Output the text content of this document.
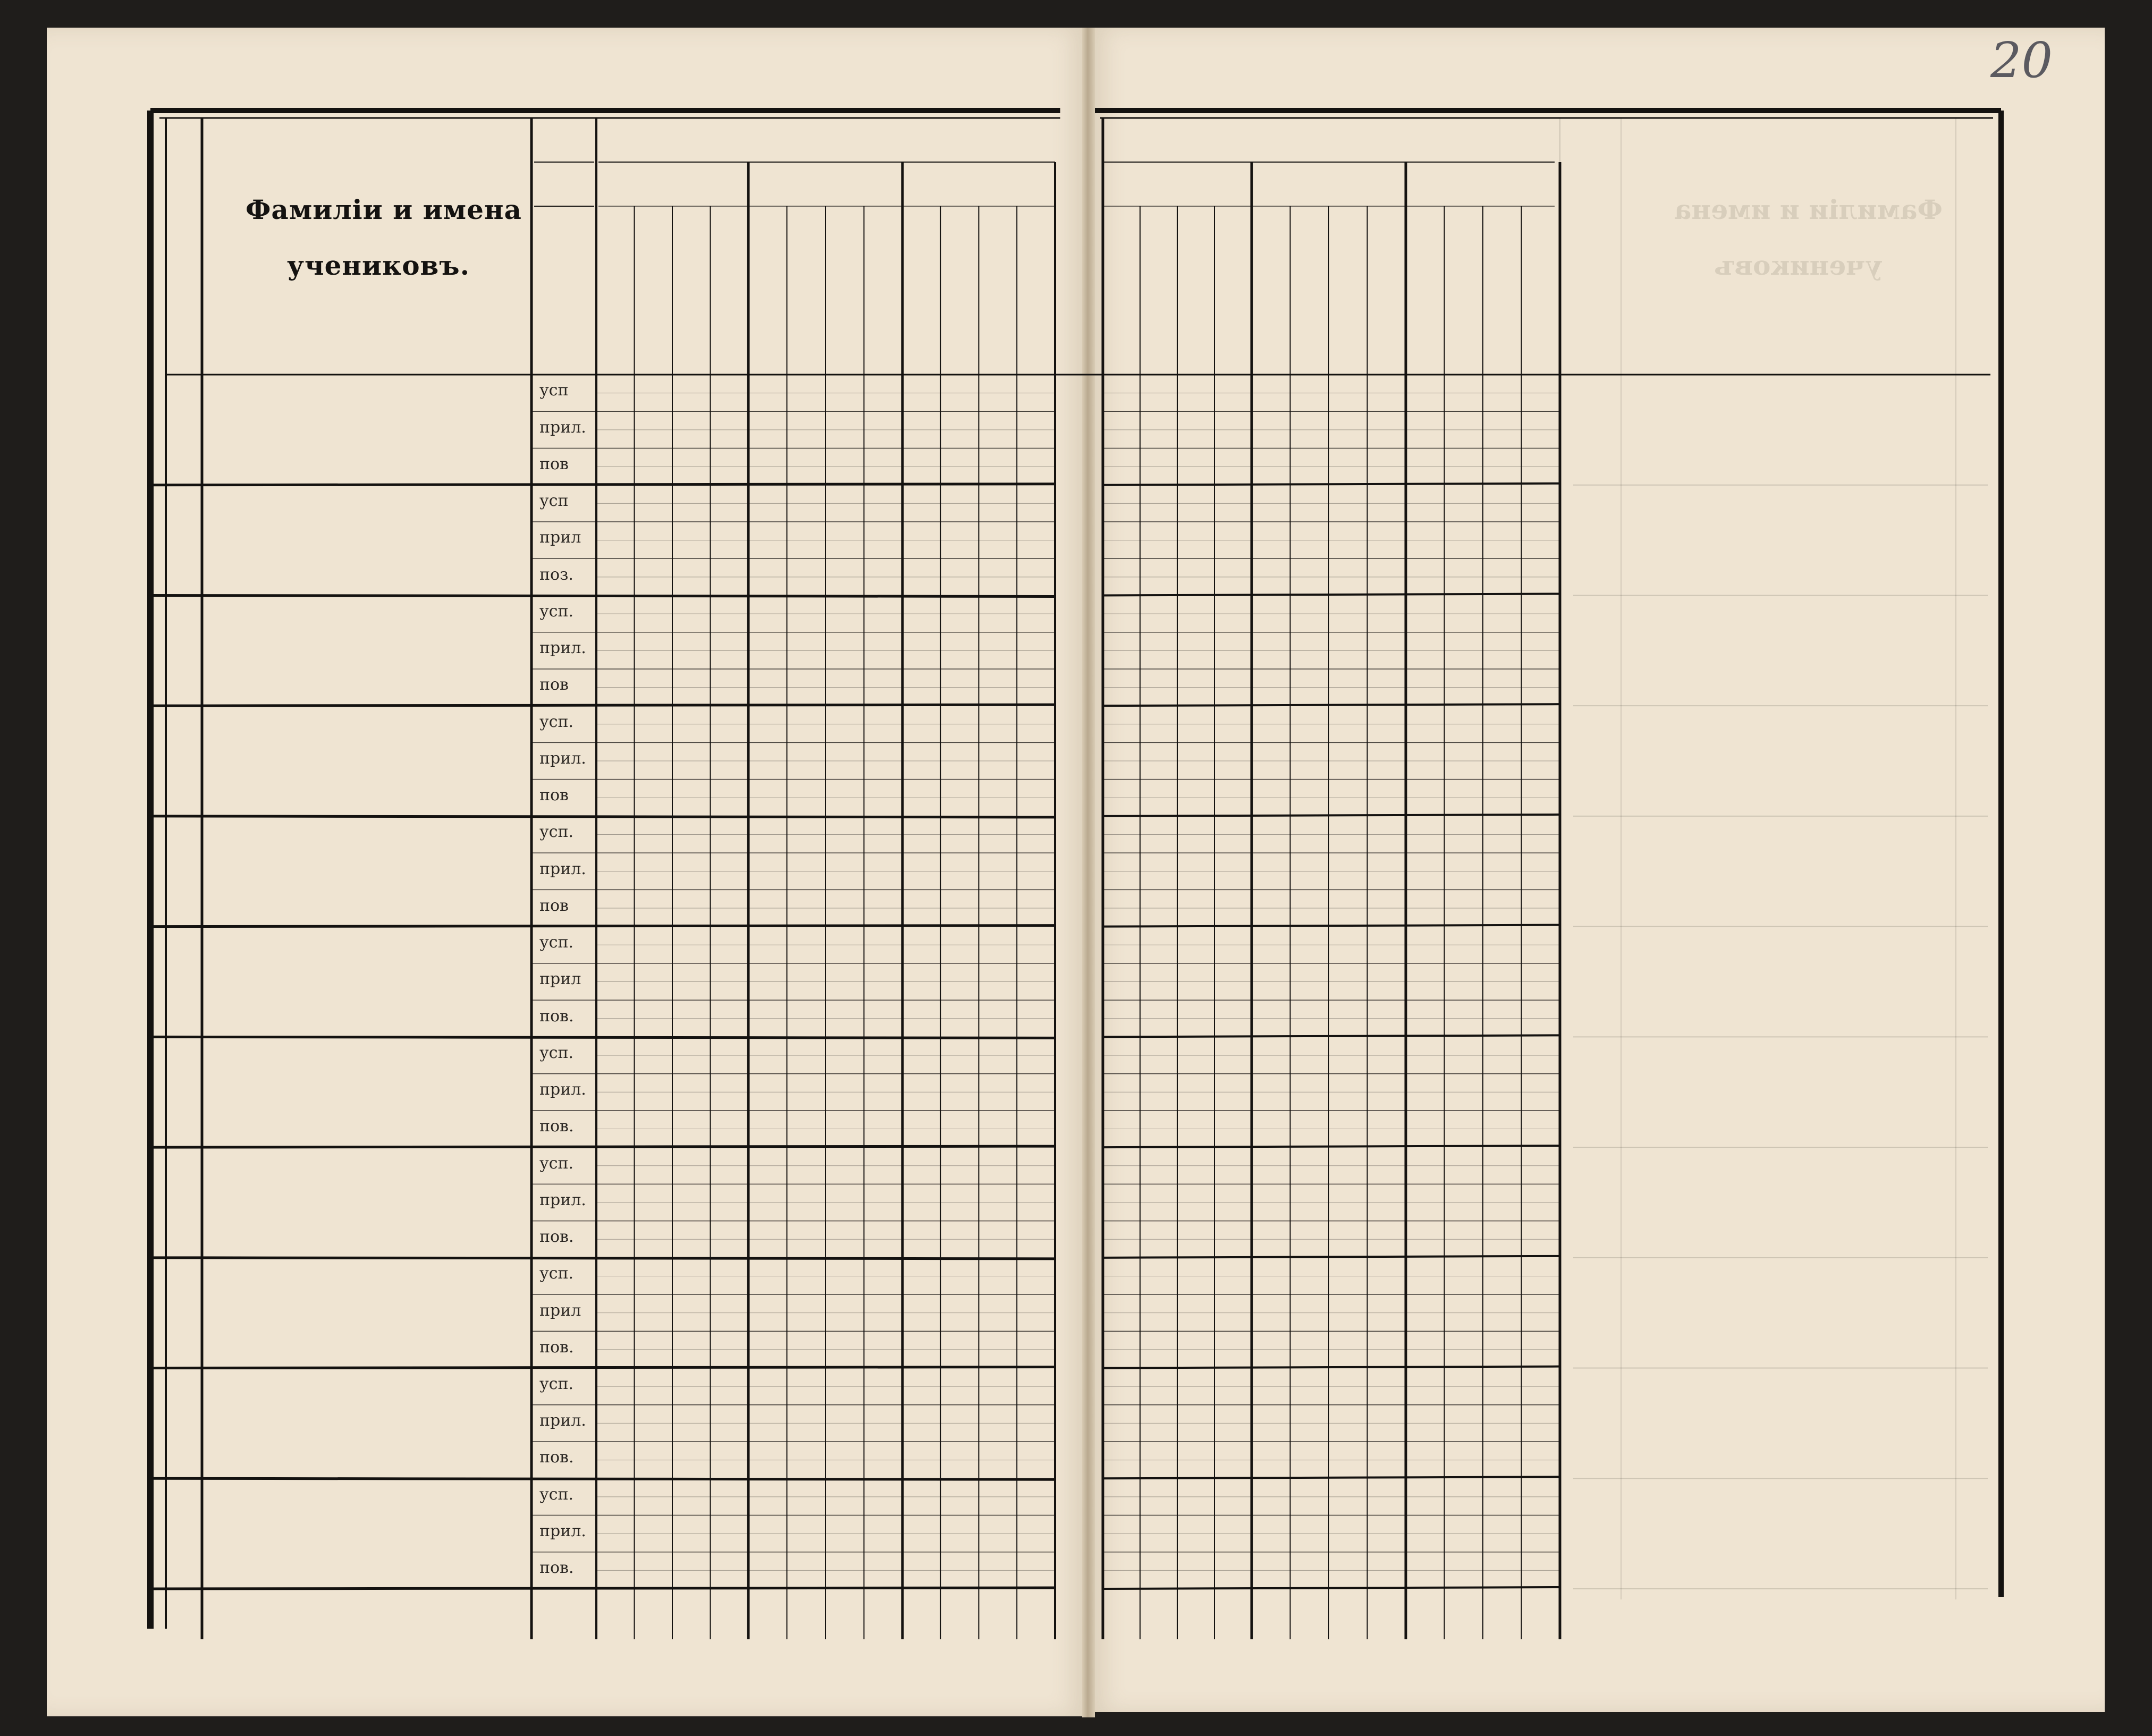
Фамилiи и имена
учениковъ.
Фамилiи и имена
учениковъ
20
усп
прил.
пов
усп
прил
поз.
усп.
прил.
пов
усп.
прил.
пов
усп.
прил.
пов
усп.
прил
пов.
усп.
прил.
пов.
усп.
прил.
пов.
усп.
прил
пов.
усп.
прил.
пов.
усп.
прил.
пов.
